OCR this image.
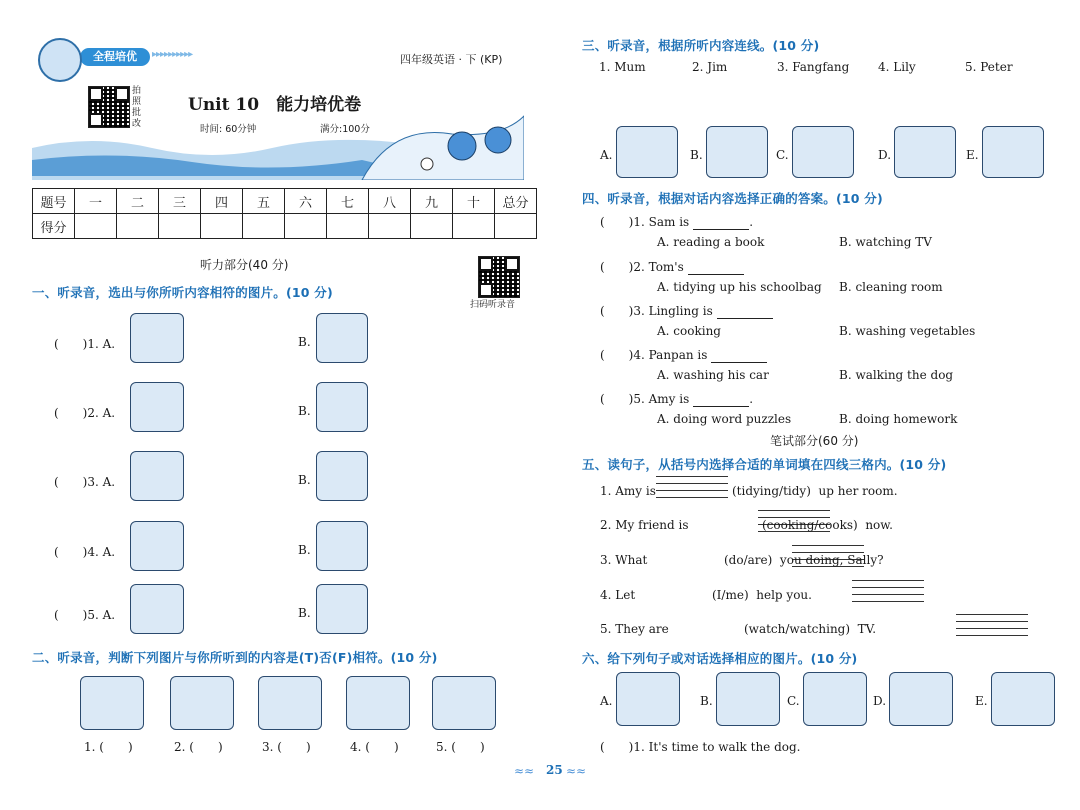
全程培优	▸▸▸▸▸▸▸▸▸▸	四年级英语 · 下 (KP)
拍照批改
Unit 10　能力培优卷
时间: 60分钟	满分:100分
题号	一	二	三	四	五	六	七	八	九	十	总分
得分											
听力部分(40 分)
扫码听录音
一、听录音，选出与你所听内容相符的图片。(10 分)
二、听录音，判断下列图片与你所听到的内容是(T)否(F)相符。(10 分)
三、听录音，根据所听内容连线。(10 分)
四、听录音，根据对话内容选择正确的答案。(10 分)
笔试部分(60 分)
五、读句子，从括号内选择合适的单词填在四线三格内。(10 分)
六、给下列句子或对话选择相应的图片。(10 分)
(　　)1. It's time to walk the dog.
25
≈≈	≈≈
(　　)1. A.	B.
(　　)2. A.	B.
(　　)3. A.	B.
(　　)4. A.	B.
(　　)5. A.	B.
1. (　　)	2. (　　)	3. (　　)	4. (　　)	5. (　　)
1. Mum	2. Jim	3. Fangfang 4. Lily	5. Peter
A.	B.	C.	D.	E.
(　　)1. Sam is	.
A. reading a book	B. watching TV
(　　)2. Tom's
A. tidying up his schoolbag B. cleaning room
(　　)3. Lingling is
A. cooking	B. washing vegetables
(　　)4. Panpan is
A. washing his car	B. walking the dog
(　　)5. Amy is	.
A. doing word puzzles	B. doing homework
1. Amy is	(tidying/tidy)  up her room.
2. My friend is	(cooking/cooks)  now.
3. What	(do/are)  you doing, Sally?
4. Let	(I/me)  help you.
5. They are	(watch/watching)  TV.
A.	B.	C.	D.	E.
